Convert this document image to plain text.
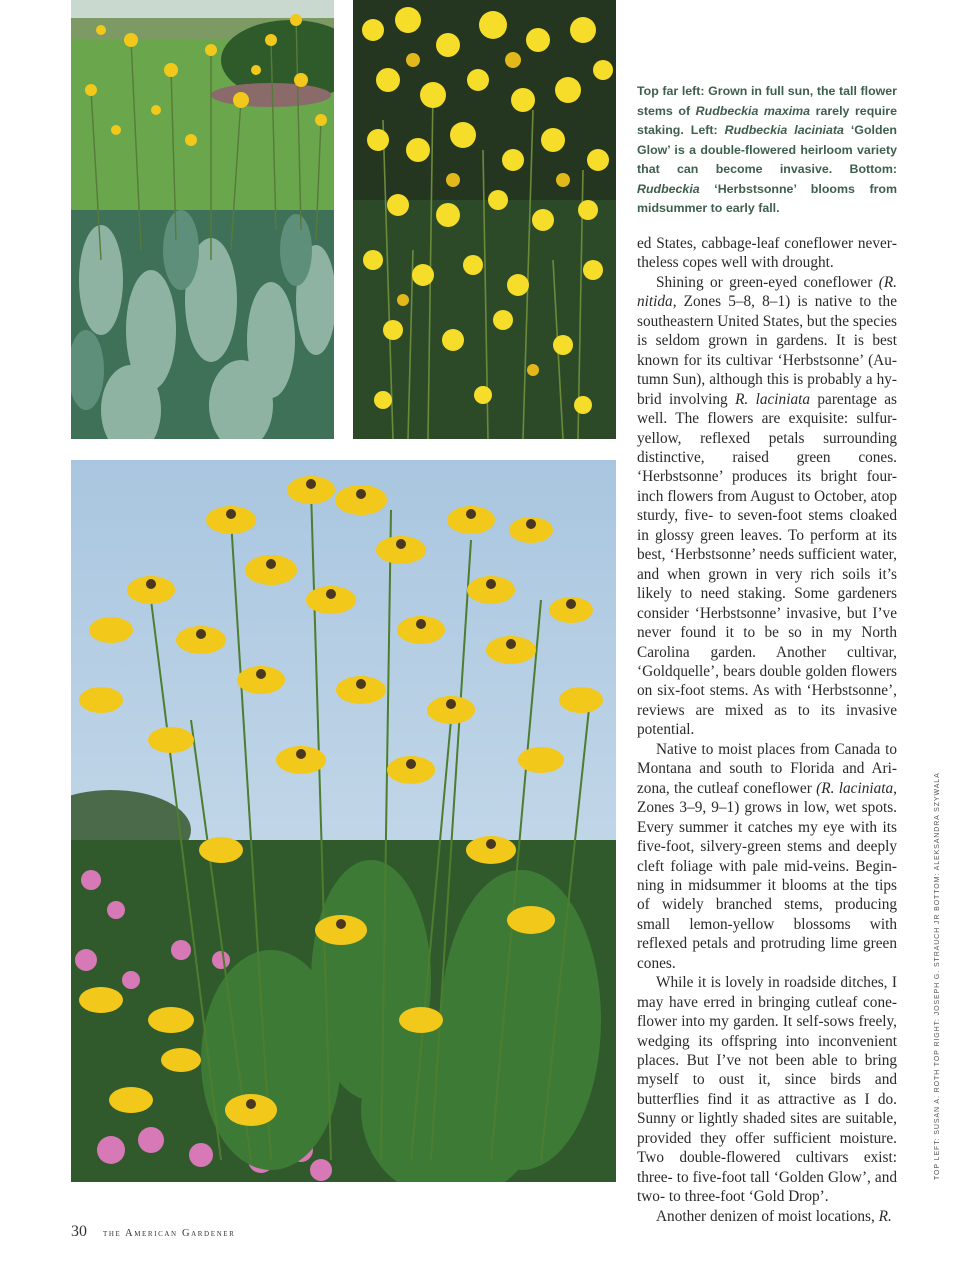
Top far left: Grown in full sun, the tall flower stems of Rudbeckia maxima rarely require staking. Left: Rudbeckia laciniata ‘Golden Glow’ is a double-flowered heirloom variety that can become invasive. Bottom: Rudbeckia ‘Herbstsonne’ blooms from midsummer to early fall.

ed States, cabbage-leaf coneflower nevertheless copes well with drought.

Shining or green-eyed coneflower (R. nitida, Zones 5–8, 8–1) is native to the southeastern United States, but the species is seldom grown in gardens. It is best known for its cultivar ‘Herbstsonne’ (Autumn Sun), although this is probably a hybrid involving R. laciniata parentage as well. The flowers are exquisite: sulfur-yellow, reflexed petals surrounding distinctive, raised green cones. ‘Herbstsonne’ produces its bright four-inch flowers from August to October, atop sturdy, five- to seven-foot stems cloaked in glossy green leaves. To perform at its best, ‘Herbstsonne’ needs sufficient water, and when grown in very rich soils it’s likely to need staking. Some gardeners consider ‘Herbstsonne’ invasive, but I’ve never found it to be so in my North Carolina garden. Another cultivar, ‘Goldquelle’, bears double golden flowers on six-foot stems. As with ‘Herbstsonne’, reviews are mixed as to its invasive potential.

Native to moist places from Canada to Montana and south to Florida and Arizona, the cutleaf coneflower (R. laciniata, Zones 3–9, 9–1) grows in low, wet spots. Every summer it catches my eye with its five-foot, silvery-green stems and deeply cleft foliage with pale mid-veins. Beginning in midsummer it blooms at the tips of widely branched stems, producing small lemon-yellow blossoms with reflexed petals and protruding lime green cones.

While it is lovely in roadside ditches, I may have erred in bringing cutleaf coneflower into my garden. It self-sows freely, wedging its offspring into inconvenient places. But I’ve not been able to bring myself to oust it, since birds and butterflies find it as attractive as I do. Sunny or lightly shaded sites are suitable, provided they offer sufficient moisture. Two double-flowered cultivars exist: three- to five-foot tall ‘Golden Glow’, and two- to three-foot ‘Gold Drop’.

Another denizen of moist locations, R.

TOP LEFT: SUSAN A. ROTH TOP RIGHT: JOSEPH G. STRAUCH JR BOTTOM: ALEKSANDRA SZYWALA
30 the American Gardener
